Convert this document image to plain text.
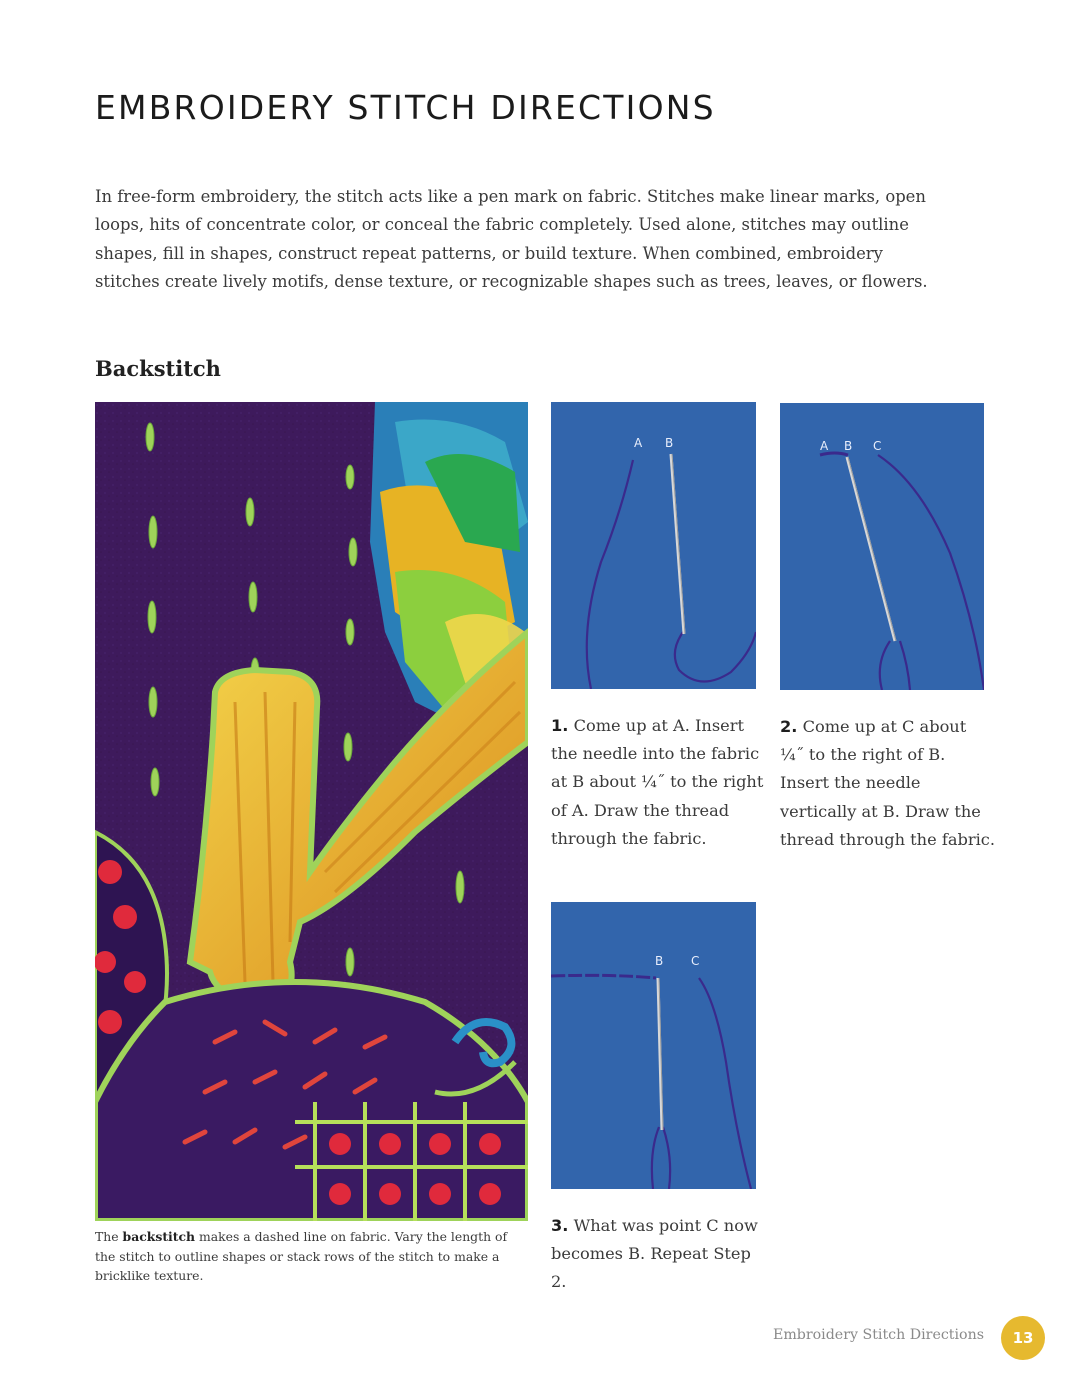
EMBROIDERY STITCH DIRECTIONS

In free-form embroidery, the stitch acts like a pen mark on fabric. Stitches make linear marks, open loops, hits of concentrate color, or conceal the fabric completely. Used alone, stitches may outline shapes, fill in shapes, construct repeat patterns, or build texture. When combined, embroidery stitches create lively motifs, dense texture, or recognizable shapes such as trees, leaves, or flowers.

Backstitch
A B	A B C
B C

The backstitch makes a dashed line on fabric. Vary the length of the stitch to outline shapes or stack rows of the stitch to make a bricklike texture.

1. Come up at A. Insert the needle into the fabric at B about ¼˝ to the right of A. Draw the thread through the fabric.

2. Come up at C about ¼˝ to the right of B. Insert the needle vertically at B. Draw the thread through the fabric.

3. What was point C now becomes B. Repeat Step 2.

Embroidery Stitch Directions	13
